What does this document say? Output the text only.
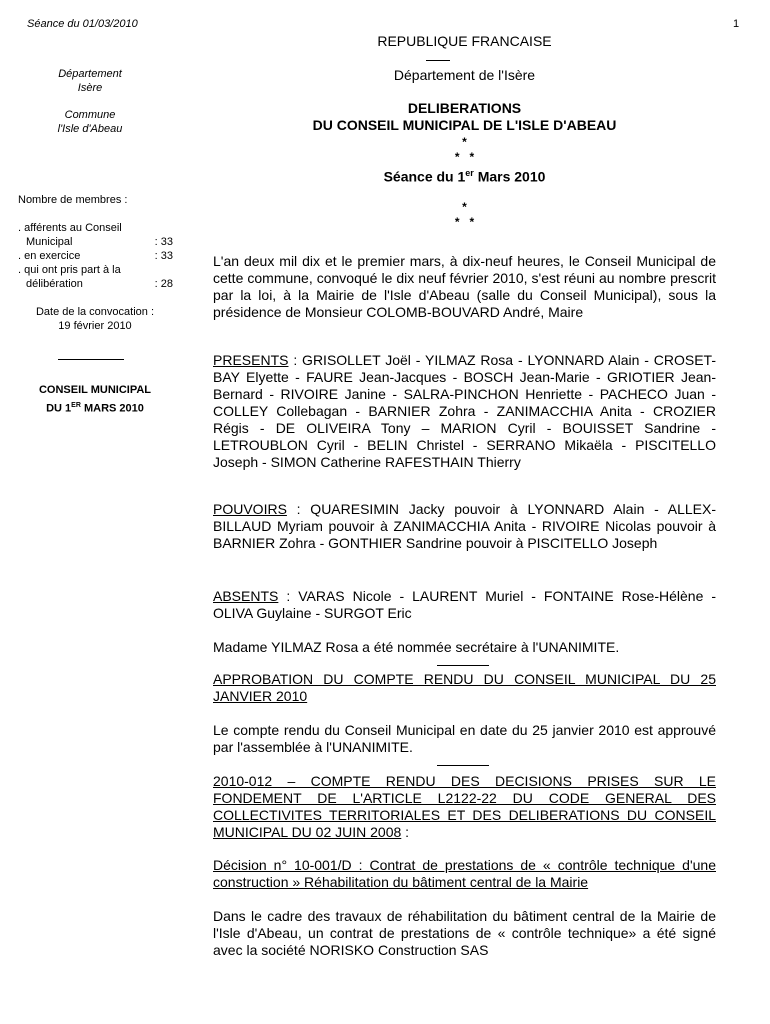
Séance du 01/03/2010	1
Département
Isère
Commune
l'Isle d'Abeau
Nombre de membres :
. afférents au Conseil
Municipal	: 33
. en exercice	: 33
. qui ont pris part à la
délibération	: 28
Date de la convocation :
19 février 2010
CONSEIL MUNICIPAL
DU 1ER MARS 2010
REPUBLIQUE FRANCAISE
Département de l'Isère
DELIBERATIONS
DU CONSEIL MUNICIPAL DE L'ISLE D'ABEAU
*
*   *
Séance du 1er Mars 2010
*
*   *
L'an deux mil dix et le premier mars, à dix-neuf heures, le Conseil Municipal de cette commune, convoqué le dix neuf février 2010, s'est réuni au nombre prescrit par la loi, à la Mairie de l'Isle d'Abeau (salle du Conseil Municipal), sous la présidence de Monsieur COLOMB-BOUVARD André, Maire
PRESENTS : GRISOLLET Joël - YILMAZ Rosa - LYONNARD Alain - CROSET-BAY Elyette - FAURE Jean-Jacques - BOSCH Jean-Marie - GRIOTIER Jean-Bernard - RIVOIRE Janine - SALRA-PINCHON Henriette - PACHECO Juan - COLLEY Collebagan - BARNIER Zohra - ZANIMACCHIA Anita - CROZIER Régis - DE OLIVEIRA Tony – MARION Cyril - BOUISSET Sandrine - LETROUBLON Cyril - BELIN Christel - SERRANO Mikaëla - PISCITELLO Joseph - SIMON Catherine RAFESTHAIN Thierry
POUVOIRS : QUARESIMIN Jacky pouvoir à LYONNARD Alain - ALLEX-BILLAUD Myriam pouvoir à ZANIMACCHIA Anita - RIVOIRE Nicolas pouvoir à BARNIER Zohra - GONTHIER Sandrine pouvoir à PISCITELLO Joseph
ABSENTS : VARAS Nicole - LAURENT Muriel - FONTAINE Rose-Hélène - OLIVA Guylaine - SURGOT Eric
Madame YILMAZ Rosa a été nommée secrétaire à l'UNANIMITE.
APPROBATION DU COMPTE RENDU DU CONSEIL MUNICIPAL DU 25 JANVIER 2010
Le compte rendu du Conseil Municipal en date du 25 janvier 2010 est approuvé par l'assemblée à l'UNANIMITE.
2010-012 – COMPTE RENDU DES DECISIONS PRISES SUR LE FONDEMENT DE L'ARTICLE L2122-22 DU CODE GENERAL DES COLLECTIVITES TERRITORIALES ET DES DELIBERATIONS DU CONSEIL MUNICIPAL DU 02 JUIN 2008 :
Décision n° 10-001/D : Contrat de prestations de « contrôle technique d'une construction » Réhabilitation du bâtiment central de la Mairie
Dans le cadre des travaux de réhabilitation du bâtiment central de la Mairie de l'Isle d'Abeau, un contrat de prestations de « contrôle technique» a été signé avec la société NORISKO Construction SAS
